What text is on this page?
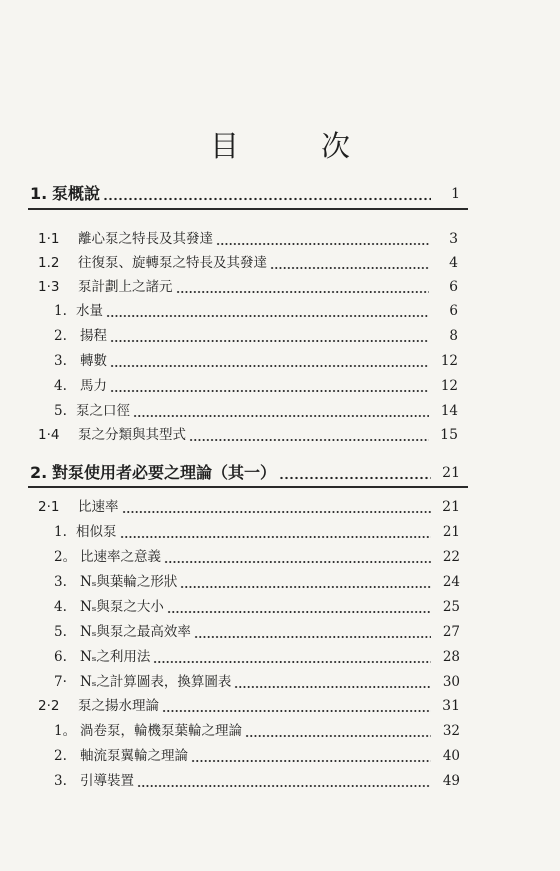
目	次
1. 泵概說	1
1·1	離心泵之特長及其發達	3
1.2	往復泵、旋轉泵之特長及其發達	4
1·3	泵計劃上之諸元	6
1. 水量	6
2. 揚程	8
3. 轉數	12
4. 馬力	12
5. 泵之口徑	14
1·4	泵之分類與其型式	15
2. 對泵使用者必要之理論（其一）	21
2·1	比速率	21
1. 相似泵	21
2。 比速率之意義	22
3. Nₛ與葉輪之形狀	24
4. Nₛ與泵之大小	25
5. Nₛ與泵之最高效率	27
6. Nₛ之利用法	28
7· Nₛ之計算圖表，換算圖表	30
2·2	泵之揚水理論	31
1。 渦卷泵，輪機泵葉輪之理論	32
2. 軸流泵翼輪之理論	40
3. 引導裝置	49
